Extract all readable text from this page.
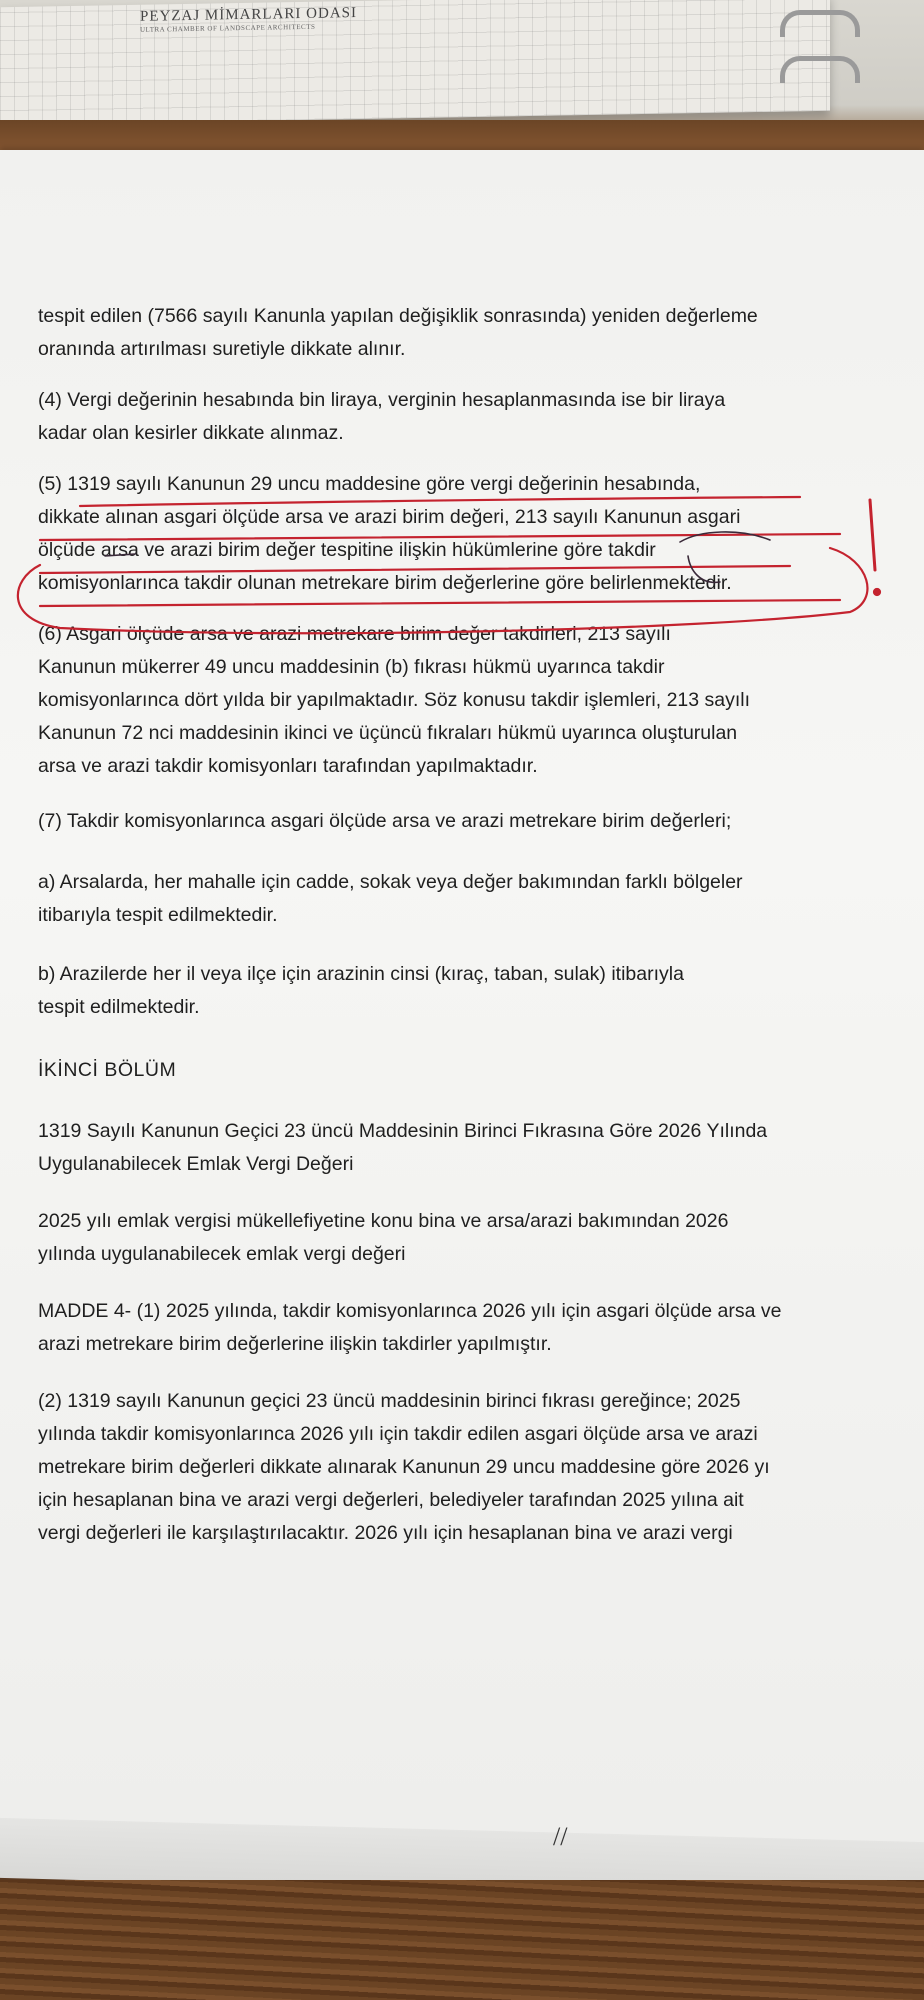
PEYZAJ MİMARLARI ODASI
ULTRA CHAMBER OF LANDSCAPE ARCHITECTS
tespit edilen (7566 sayılı Kanunla yapılan değişiklik sonrasında) yeniden değerleme
oranında artırılması suretiyle dikkate alınır.
(4) Vergi değerinin hesabında bin liraya, verginin hesaplanmasında ise bir liraya
kadar olan kesirler dikkate alınmaz.
(5) 1319 sayılı Kanunun 29 uncu maddesine göre vergi değerinin hesabında,
dikkate alınan asgari ölçüde arsa ve arazi birim değeri, 213 sayılı Kanunun asgari
ölçüde arsa ve arazi birim değer tespitine ilişkin hükümlerine göre takdir
komisyonlarınca takdir olunan metrekare birim değerlerine göre belirlenmektedir.
(6) Asgari ölçüde arsa ve arazi metrekare birim değer takdirleri, 213 sayılı
Kanunun mükerrer 49 uncu maddesinin (b) fıkrası hükmü uyarınca takdir
komisyonlarınca dört yılda bir yapılmaktadır. Söz konusu takdir işlemleri, 213 sayılı
Kanunun 72 nci maddesinin ikinci ve üçüncü fıkraları hükmü uyarınca oluşturulan
arsa ve arazi takdir komisyonları tarafından yapılmaktadır.
(7) Takdir komisyonlarınca asgari ölçüde arsa ve arazi metrekare birim değerleri;
a) Arsalarda, her mahalle için cadde, sokak veya değer bakımından farklı bölgeler
itibarıyla tespit edilmektedir.
b) Arazilerde her il veya ilçe için arazinin cinsi (kıraç, taban, sulak) itibarıyla
tespit edilmektedir.
İKİNCİ BÖLÜM
1319 Sayılı Kanunun Geçici 23 üncü Maddesinin Birinci Fıkrasına Göre 2026 Yılında
Uygulanabilecek Emlak Vergi Değeri
2025 yılı emlak vergisi mükellefiyetine konu bina ve arsa/arazi bakımından 2026
yılında uygulanabilecek emlak vergi değeri
MADDE 4- (1) 2025 yılında, takdir komisyonlarınca 2026 yılı için asgari ölçüde arsa ve
arazi metrekare birim değerlerine ilişkin takdirler yapılmıştır.
(2) 1319 sayılı Kanunun geçici 23 üncü maddesinin birinci fıkrası gereğince; 2025
yılında takdir komisyonlarınca 2026 yılı için takdir edilen asgari ölçüde arsa ve arazi
metrekare birim değerleri dikkate alınarak Kanunun 29 uncu maddesine göre 2026 yı
için hesaplanan bina ve arazi vergi değerleri, belediyeler tarafından 2025 yılına ait
vergi değerleri ile karşılaştırılacaktır. 2026 yılı için hesaplanan bina ve arazi vergi
//
